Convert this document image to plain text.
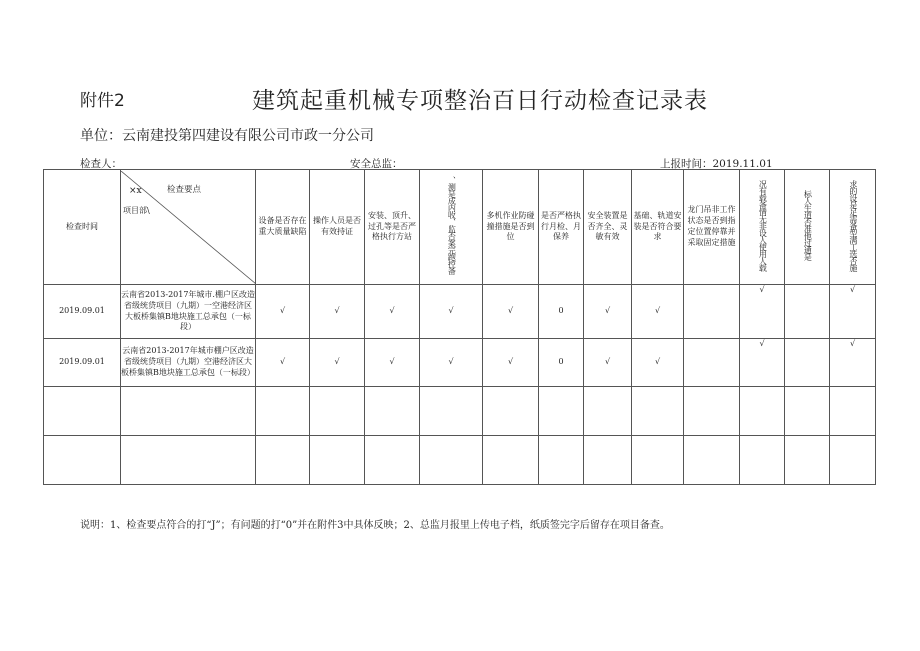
附件2	建筑起重机械专项整治百日行动检查记录表
单位：云南建投第四建设有限公司市政一分公司
检查人：	安全总监：	上报时间：2019.11.01
检查时间	×x 检查要点
项目部\	设备是否存在重大质量缺陷	操作人员是否有效持证	安装、顶升、过孔等是否严格执行方站	、测是成内收、监否案完跑控备	多机作业防碰撞措施是否到位	是否严格执行月检、月保养	安全装置是否齐全、灵敏有效	基础、轨道安装是否符合要求	龙门吊非工作状态是否到指定位置停靠并采取固定措施	况有载备情无非设人使用人载	标人生道否准他过通是	求的设是足需备型满工选否施
2019.09.01	云南省2013-2017年城市.棚户区改造省级统贷项目（九期）一空港经济区大板桥集镇B地块施工总承包（一标段）	√	√	√	√	√	0	√	√		√		√
2019.09.01	云南省2013-2017年城市棚户区改造省级统贷项目（九期）空港经济区大板桥集镇B地块施工总承包（一标段）	√	√	√	√	√	0	√	√		√		√

说明：1、检查要点符合的打“J”；有问题的打“0”并在附件3中具体反映；2、总监月报里上传电子档，纸质签完字后留存在项目备查。
